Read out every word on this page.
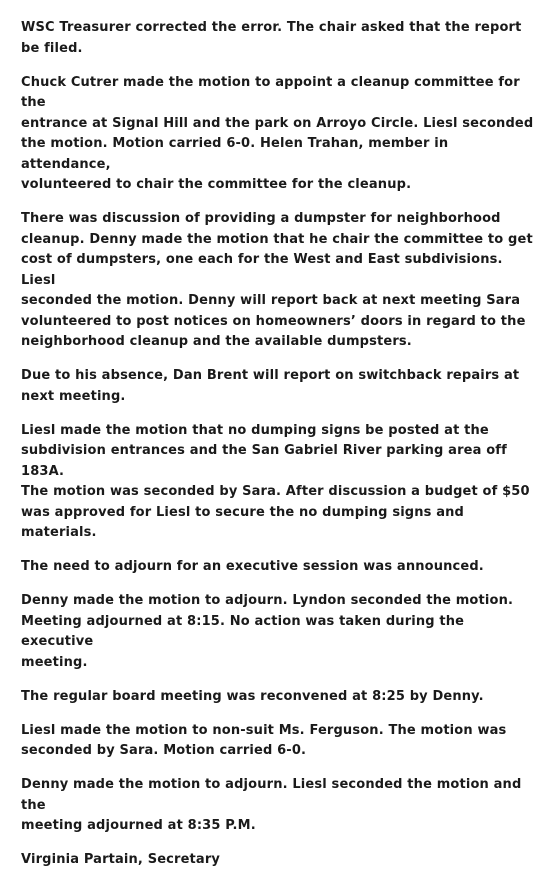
WSC Treasurer corrected the error. The chair asked that the report
be filed.

Chuck Cutrer made the motion to appoint a cleanup committee for the
entrance at Signal Hill and the park on Arroyo Circle. Liesl seconded
the motion. Motion carried 6-0. Helen Trahan, member in attendance,
volunteered to chair the committee for the cleanup.

There was discussion of providing a dumpster for neighborhood
cleanup. Denny made the motion that he chair the committee to get
cost of dumpsters, one each for the West and East subdivisions. Liesl
seconded the motion. Denny will report back at next meeting Sara
volunteered to post notices on homeowners’ doors in regard to the
neighborhood cleanup and the available dumpsters.

Due to his absence, Dan Brent will report on switchback repairs at
next meeting.

Liesl made the motion that no dumping signs be posted at the
subdivision entrances and the San Gabriel River parking area off 183A.
The motion was seconded by Sara. After discussion a budget of $50
was approved for Liesl to secure the no dumping signs and materials.

The need to adjourn for an executive session was announced.

Denny made the motion to adjourn. Lyndon seconded the motion.
Meeting adjourned at 8:15. No action was taken during the executive
meeting.

The regular board meeting was reconvened at 8:25 by Denny.

Liesl made the motion to non-suit Ms. Ferguson. The motion was
seconded by Sara. Motion carried 6-0.

Denny made the motion to adjourn. Liesl seconded the motion and the
meeting adjourned at 8:35 P.M.

Virginia Partain, Secretary
